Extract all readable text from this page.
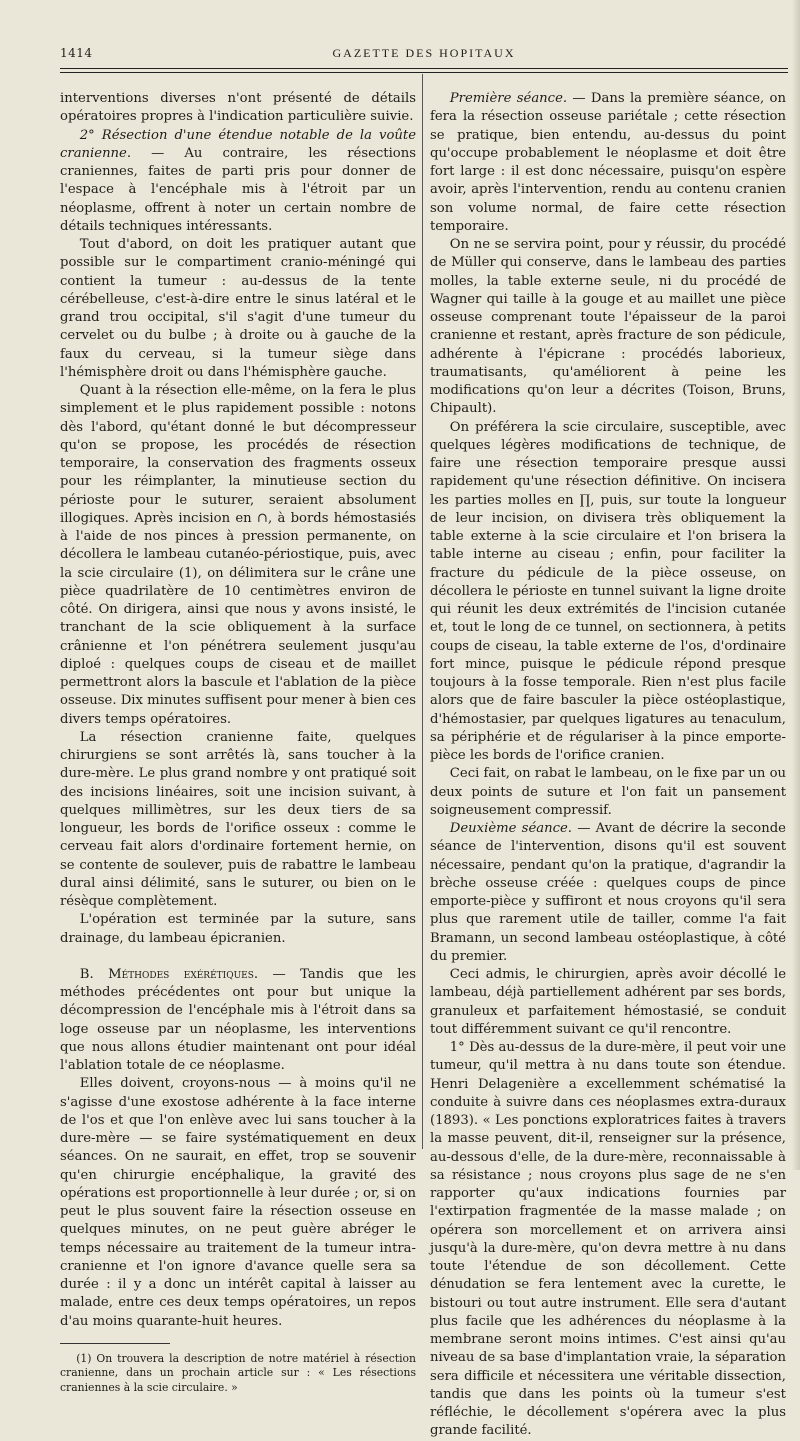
1414	GAZETTE DES HOPITAUX

interventions diverses n'ont présenté de détails opératoires propres à l'indication particulière suivie.

2° Résection d'une étendue notable de la voûte cranienne. — Au contraire, les résections craniennes, faites de parti pris pour donner de l'espace à l'encéphale mis à l'étroit par un néoplasme, offrent à noter un certain nombre de détails techniques intéressants.

Tout d'abord, on doit les pratiquer autant que possible sur le compartiment cranio-méningé qui contient la tumeur : au-dessus de la tente cérébelleuse, c'est-à-dire entre le sinus latéral et le grand trou occipital, s'il s'agit d'une tumeur du cervelet ou du bulbe ; à droite ou à gauche de la faux du cerveau, si la tumeur siège dans l'hémisphère droit ou dans l'hémisphère gauche.

Quant à la résection elle-même, on la fera le plus simplement et le plus rapidement possible : notons dès l'abord, qu'étant donné le but décompresseur qu'on se propose, les procédés de résection temporaire, la conservation des fragments osseux pour les réimplanter, la minutieuse section du périoste pour le suturer, seraient absolument illogiques. Après incision en ∩, à bords hémostasiés à l'aide de nos pinces à pression permanente, on décollera le lambeau cutanéo-périostique, puis, avec la scie circulaire (1), on délimitera sur le crâne une pièce quadrilatère de 10 centimètres environ de côté. On dirigera, ainsi que nous y avons insisté, le tranchant de la scie obliquement à la surface crânienne et l'on pénétrera seulement jusqu'au diploé : quelques coups de ciseau et de maillet permettront alors la bascule et l'ablation de la pièce osseuse. Dix minutes suffisent pour mener à bien ces divers temps opératoires.

La résection cranienne faite, quelques chirurgiens se sont arrêtés là, sans toucher à la dure-mère. Le plus grand nombre y ont pratiqué soit des incisions linéaires, soit une incision suivant, à quelques millimètres, sur les deux tiers de sa longueur, les bords de l'orifice osseux : comme le cerveau fait alors d'ordinaire fortement hernie, on se contente de soulever, puis de rabattre le lambeau dural ainsi délimité, sans le suturer, ou bien on le résèque complètement.

L'opération est terminée par la suture, sans drainage, du lambeau épicranien.

B. Méthodes exérétiques. — Tandis que les méthodes précédentes ont pour but unique la décompression de l'encéphale mis à l'étroit dans sa loge osseuse par un néoplasme, les interventions que nous allons étudier maintenant ont pour idéal l'ablation totale de ce néoplasme.

Elles doivent, croyons-nous — à moins qu'il ne s'agisse d'une exostose adhérente à la face interne de l'os et que l'on enlève avec lui sans toucher à la dure-mère — se faire systématiquement en deux séances. On ne saurait, en effet, trop se souvenir qu'en chirurgie encéphalique, la gravité des opérations est proportionnelle à leur durée ; or, si on peut le plus souvent faire la résection osseuse en quelques minutes, on ne peut guère abréger le temps nécessaire au traitement de la tumeur intra-cranienne et l'on ignore d'avance quelle sera sa durée : il y a donc un intérêt capital à laisser au malade, entre ces deux temps opératoires, un repos d'au moins quarante-huit heures.

(1) On trouvera la description de notre matériel à résection cranienne, dans un prochain article sur : « Les résections craniennes à la scie circulaire. »

Première séance. — Dans la première séance, on fera la résection osseuse pariétale ; cette résection se pratique, bien entendu, au-dessus du point qu'occupe probablement le néoplasme et doit être fort large : il est donc nécessaire, puisqu'on espère avoir, après l'intervention, rendu au contenu cranien son volume normal, de faire cette résection temporaire.

On ne se servira point, pour y réussir, du procédé de Müller qui conserve, dans le lambeau des parties molles, la table externe seule, ni du procédé de Wagner qui taille à la gouge et au maillet une pièce osseuse comprenant toute l'épaisseur de la paroi cranienne et restant, après fracture de son pédicule, adhérente à l'épicrane : procédés laborieux, traumatisants, qu'améliorent à peine les modifications qu'on leur a décrites (Toison, Bruns, Chipault).

On préférera la scie circulaire, susceptible, avec quelques légères modifications de technique, de faire une résection temporaire presque aussi rapidement qu'une résection définitive. On incisera les parties molles en ∏, puis, sur toute la longueur de leur incision, on divisera très obliquement la table externe à la scie circulaire et l'on brisera la table interne au ciseau ; enfin, pour faciliter la fracture du pédicule de la pièce osseuse, on décollera le périoste en tunnel suivant la ligne droite qui réunit les deux extrémités de l'incision cutanée et, tout le long de ce tunnel, on sectionnera, à petits coups de ciseau, la table externe de l'os, d'ordinaire fort mince, puisque le pédicule répond presque toujours à la fosse temporale. Rien n'est plus facile alors que de faire basculer la pièce ostéoplastique, d'hémostasier, par quelques ligatures au tenaculum, sa périphérie et de régulariser à la pince emporte-pièce les bords de l'orifice cranien.

Ceci fait, on rabat le lambeau, on le fixe par un ou deux points de suture et l'on fait un pansement soigneusement compressif.

Deuxième séance. — Avant de décrire la seconde séance de l'intervention, disons qu'il est souvent nécessaire, pendant qu'on la pratique, d'agrandir la brèche osseuse créée : quelques coups de pince emporte-pièce y suffiront et nous croyons qu'il sera plus que rarement utile de tailler, comme l'a fait Bramann, un second lambeau ostéoplastique, à côté du premier.

Ceci admis, le chirurgien, après avoir décollé le lambeau, déjà partiellement adhérent par ses bords, granuleux et parfaitement hémostasié, se conduit tout différemment suivant ce qu'il rencontre.

1° Dès au-dessus de la dure-mère, il peut voir une tumeur, qu'il mettra à nu dans toute son étendue. Henri Delagenière a excellemment schématisé la conduite à suivre dans ces néoplasmes extra-duraux (1893). « Les ponctions exploratrices faites à travers la masse peuvent, dit-il, renseigner sur la présence, au-dessous d'elle, de la dure-mère, reconnaissable à sa résistance ; nous croyons plus sage de ne s'en rapporter qu'aux indications fournies par l'extirpation fragmentée de la masse malade ; on opérera son morcellement et on arrivera ainsi jusqu'à la dure-mère, qu'on devra mettre à nu dans toute l'étendue de son décollement. Cette dénudation se fera lentement avec la curette, le bistouri ou tout autre instrument. Elle sera d'autant plus facile que les adhérences du néoplasme à la membrane seront moins intimes. C'est ainsi qu'au niveau de sa base d'implantation vraie, la séparation sera difficile et nécessitera une véritable dissection, tandis que dans les points où la tumeur s'est réfléchie, le décollement s'opérera avec la plus grande facilité.
